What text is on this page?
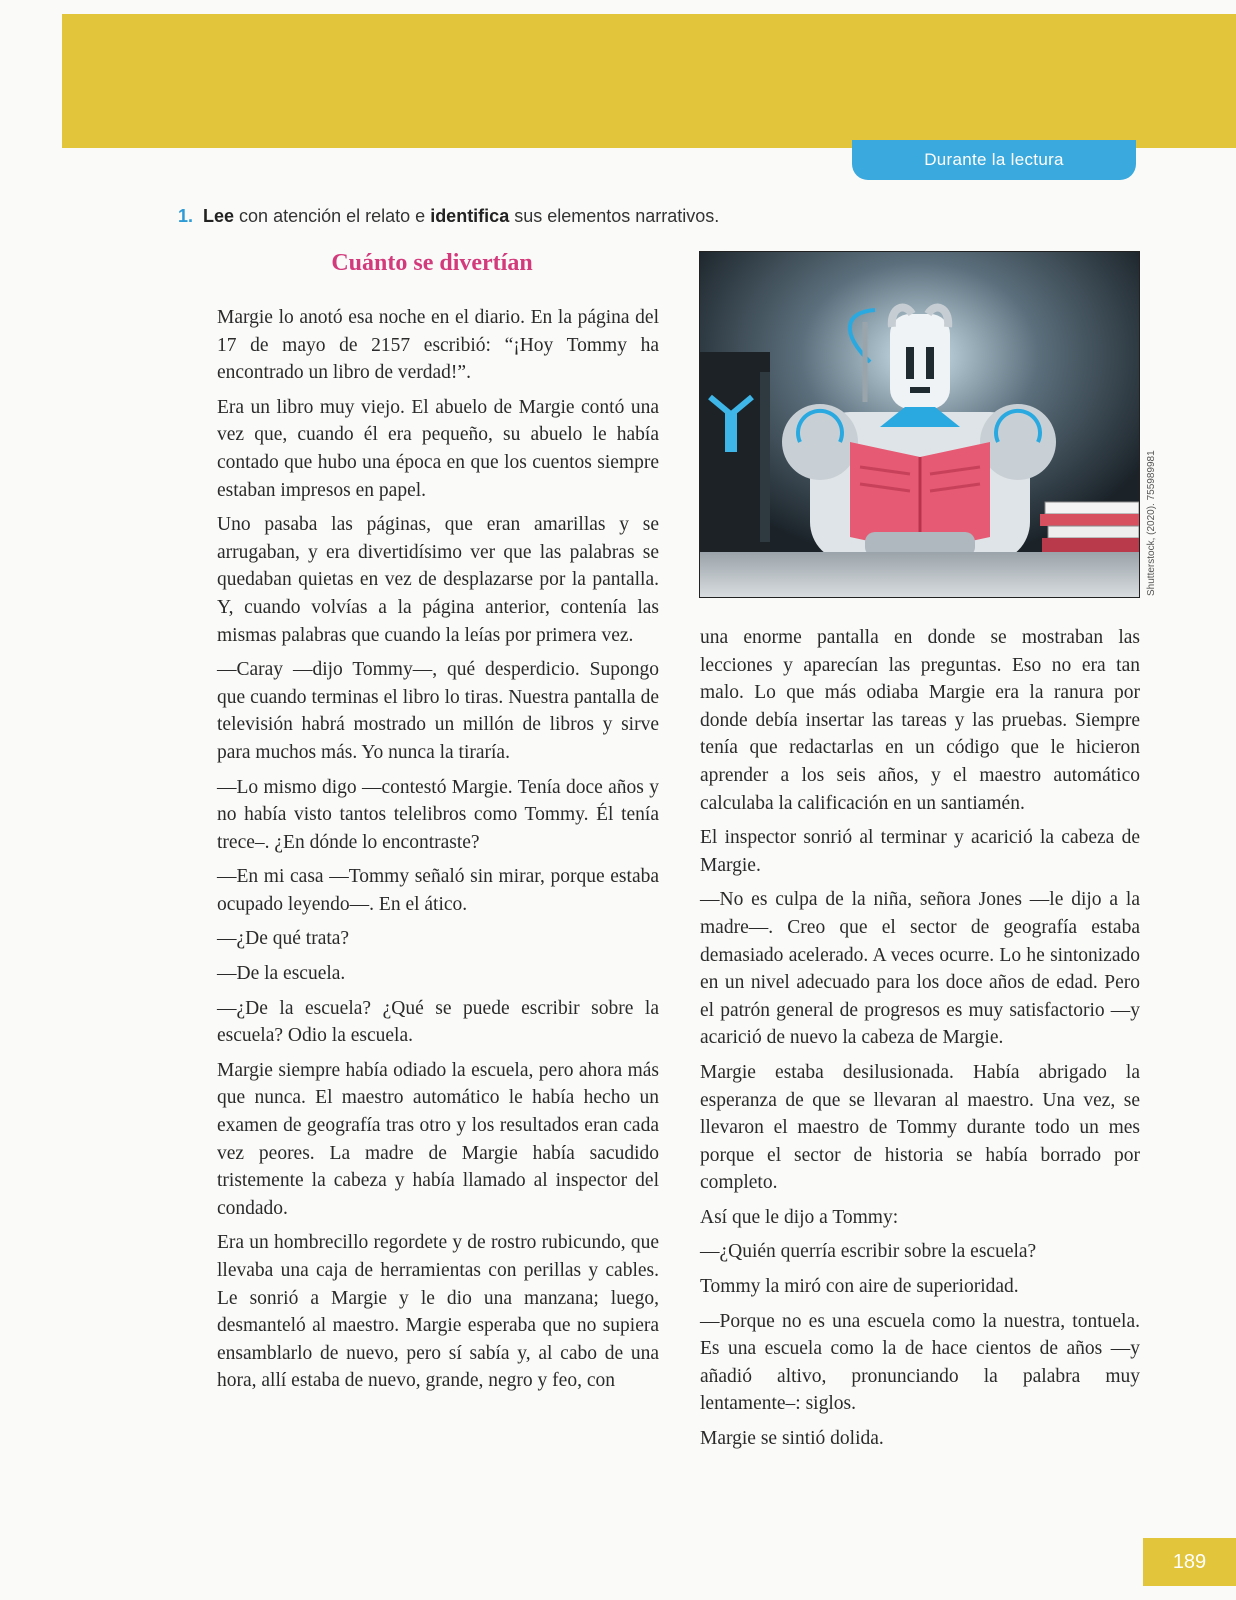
Durante la lectura
1. Lee con atención el relato e identifica sus elementos narrativos.
Cuánto se divertían

Margie lo anotó esa noche en el diario. En la página del 17 de mayo de 2157 escribió: “¡Hoy Tommy ha encontrado un libro de verdad!”.

Era un libro muy viejo. El abuelo de Margie contó una vez que, cuando él era pequeño, su abuelo le había contado que hubo una época en que los cuentos siempre estaban impresos en papel.

Uno pasaba las páginas, que eran amarillas y se arrugaban, y era divertidísimo ver que las palabras se quedaban quietas en vez de desplazarse por la pantalla. Y, cuando volvías a la página anterior, contenía las mismas palabras que cuando la leías por primera vez.

—Caray —dijo Tommy—, qué desperdicio. Supongo que cuando terminas el libro lo tiras. Nuestra pantalla de televisión habrá mostrado un millón de libros y sirve para muchos más. Yo nunca la tiraría.

—Lo mismo digo —contestó Margie. Tenía doce años y no había visto tantos telelibros como Tommy. Él tenía trece–. ¿En dónde lo encontraste?

—En mi casa —Tommy señaló sin mirar, porque estaba ocupado leyendo—. En el ático.

—¿De qué trata?

—De la escuela.

—¿De la escuela? ¿Qué se puede escribir sobre la escuela? Odio la escuela.

Margie siempre había odiado la escuela, pero ahora más que nunca. El maestro automático le había hecho un examen de geografía tras otro y los resultados eran cada vez peores. La madre de Margie había sacudido tristemente la cabeza y había llamado al inspector del condado.

Era un hombrecillo regordete y de rostro rubicundo, que llevaba una caja de herramientas con perillas y cables. Le sonrió a Margie y le dio una manzana; luego, desmanteló al maestro. Margie esperaba que no supiera ensamblarlo de nuevo, pero sí sabía y, al cabo de una hora, allí estaba de nuevo, grande, negro y feo, con

Shutterstock, (2020). 755989981

una enorme pantalla en donde se mostraban las lecciones y aparecían las preguntas. Eso no era tan malo. Lo que más odiaba Margie era la ranura por donde debía insertar las tareas y las pruebas. Siempre tenía que redactarlas en un código que le hicieron aprender a los seis años, y el maestro automático calculaba la calificación en un santiamén.

El inspector sonrió al terminar y acarició la cabeza de Margie.

—No es culpa de la niña, señora Jones —le dijo a la madre—. Creo que el sector de geografía estaba demasiado acelerado. A veces ocurre. Lo he sintonizado en un nivel adecuado para los doce años de edad. Pero el patrón general de progresos es muy satisfactorio —y acarició de nuevo la cabeza de Margie.

Margie estaba desilusionada. Había abrigado la esperanza de que se llevaran al maestro. Una vez, se llevaron el maestro de Tommy durante todo un mes porque el sector de historia se había borrado por completo.

Así que le dijo a Tommy:

—¿Quién querría escribir sobre la escuela?

Tommy la miró con aire de superioridad.

—Porque no es una escuela como la nuestra, tontuela. Es una escuela como la de hace cientos de años —y añadió altivo, pronunciando la palabra muy lentamente–: siglos.

Margie se sintió dolida.

189
